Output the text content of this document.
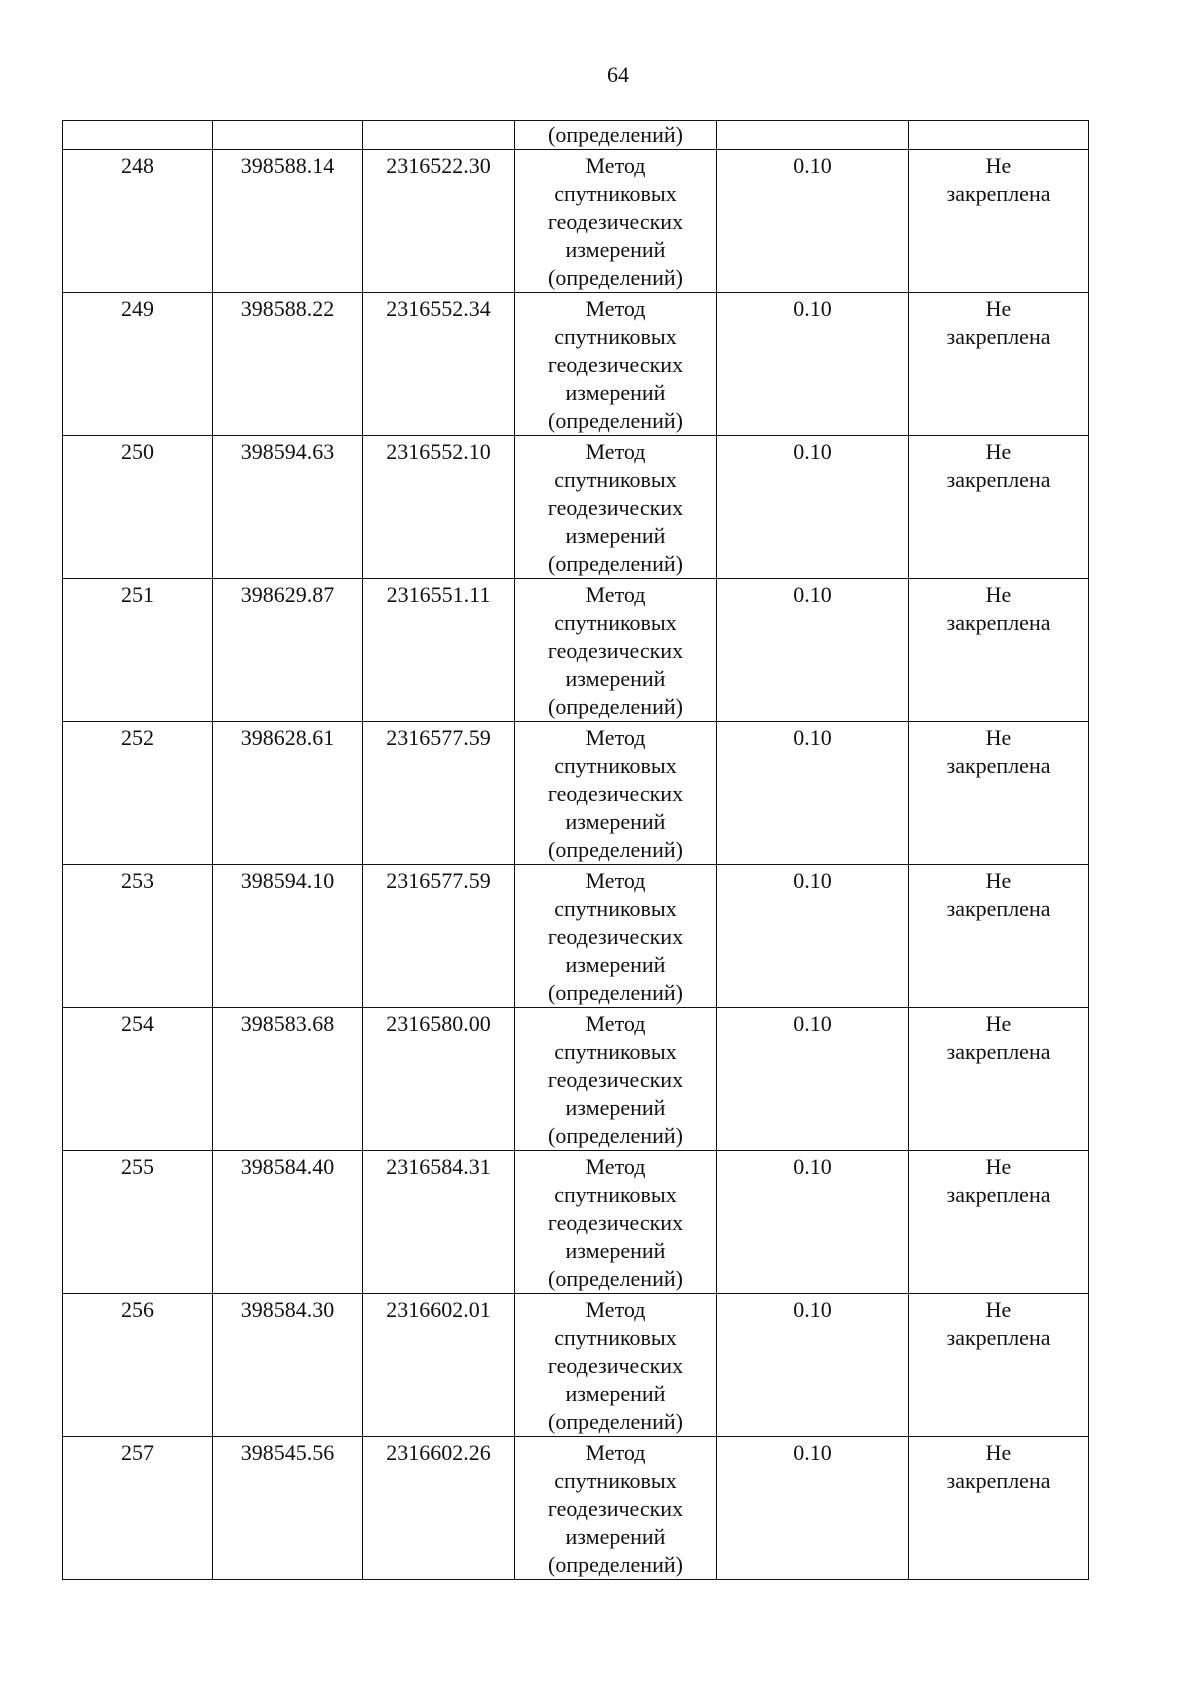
64
			(определений)		
248	398588.14	2316522.30	Метод
спутниковых
геодезических
измерений
(определений)	0.10	Не
закреплена

249	398588.22	2316552.34	Метод
спутниковых
геодезических
измерений
(определений)	0.10	Не
закреплена

250	398594.63	2316552.10	Метод
спутниковых
геодезических
измерений
(определений)	0.10	Не
закреплена

251	398629.87	2316551.11	Метод
спутниковых
геодезических
измерений
(определений)	0.10	Не
закреплена

252	398628.61	2316577.59	Метод
спутниковых
геодезических
измерений
(определений)	0.10	Не
закреплена

253	398594.10	2316577.59	Метод
спутниковых
геодезических
измерений
(определений)	0.10	Не
закреплена

254	398583.68	2316580.00	Метод
спутниковых
геодезических
измерений
(определений)	0.10	Не
закреплена

255	398584.40	2316584.31	Метод
спутниковых
геодезических
измерений
(определений)	0.10	Не
закреплена

256	398584.30	2316602.01	Метод
спутниковых
геодезических
измерений
(определений)	0.10	Не
закреплена

257	398545.56	2316602.26	Метод
спутниковых
геодезических
измерений
(определений)	0.10	Не
закреплена
